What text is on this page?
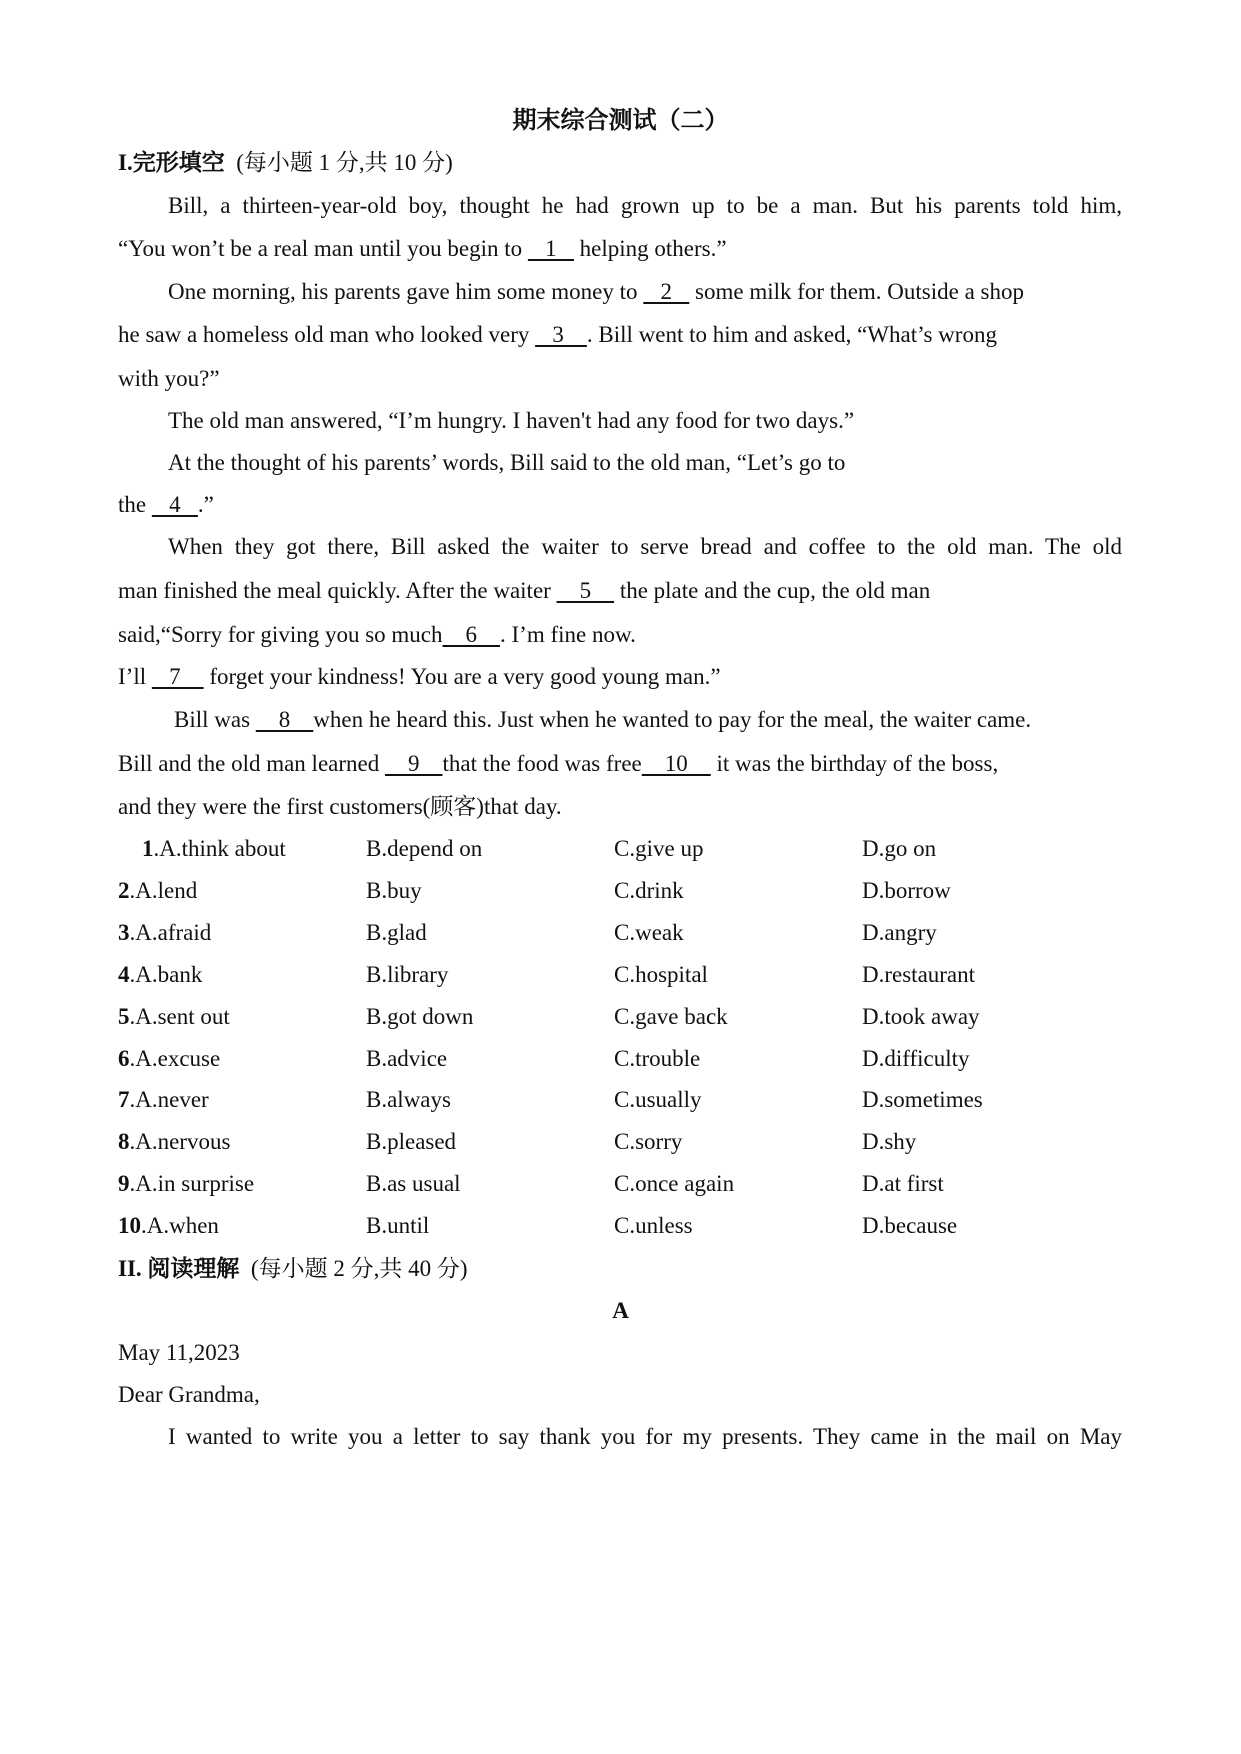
期末综合测试（二）
I.完形填空 (每小题 1 分,共 10 分)
Bill, a thirteen-year-old boy, thought he had grown up to be a man. But his parents told him,
“You won’t be a real man until you begin to    1    helping others.”
One morning, his parents gave him some money to    2    some milk for them. Outside a shop
he saw a homeless old man who looked very    3    . Bill went to him and asked, “What’s wrong
with you?”
The old man answered, “I’m hungry. I haven't had any food for two days.”
At the thought of his parents’ words, Bill said to the old man, “Let’s go to
the    4   .”
When they got there, Bill asked the waiter to serve bread and coffee to the old man. The old
man finished the meal quickly. After the waiter     5     the plate and the cup, the old man
said,“Sorry for giving you so much    6    . I’m fine now.
I’ll    7     forget your kindness! You are a very good young man.”
Bill was     8    when he heard this. Just when he wanted to pay for the meal, the waiter came.
Bill and the old man learned     9    that the food was free    10     it was the birthday of the boss,
and they were the first customers(顾客)that day.
1.A.think about	B.depend on	C.give up	D.go on
2.A.lend	B.buy	C.drink	D.borrow
3.A.afraid	B.glad	C.weak	D.angry
4.A.bank	B.library	C.hospital	D.restaurant
5.A.sent out	B.got down	C.gave back	D.took away
6.A.excuse	B.advice	C.trouble	D.difficulty
7.A.never	B.always	C.usually	D.sometimes
8.A.nervous	B.pleased	C.sorry	D.shy
9.A.in surprise	B.as usual	C.once again	D.at first
10.A.when	B.until	C.unless	D.because
II. 阅读理解 (每小题 2 分,共 40 分)
A
May 11,2023
Dear Grandma,
I wanted to write you a letter to say thank you for my presents. They came in the mail on May
